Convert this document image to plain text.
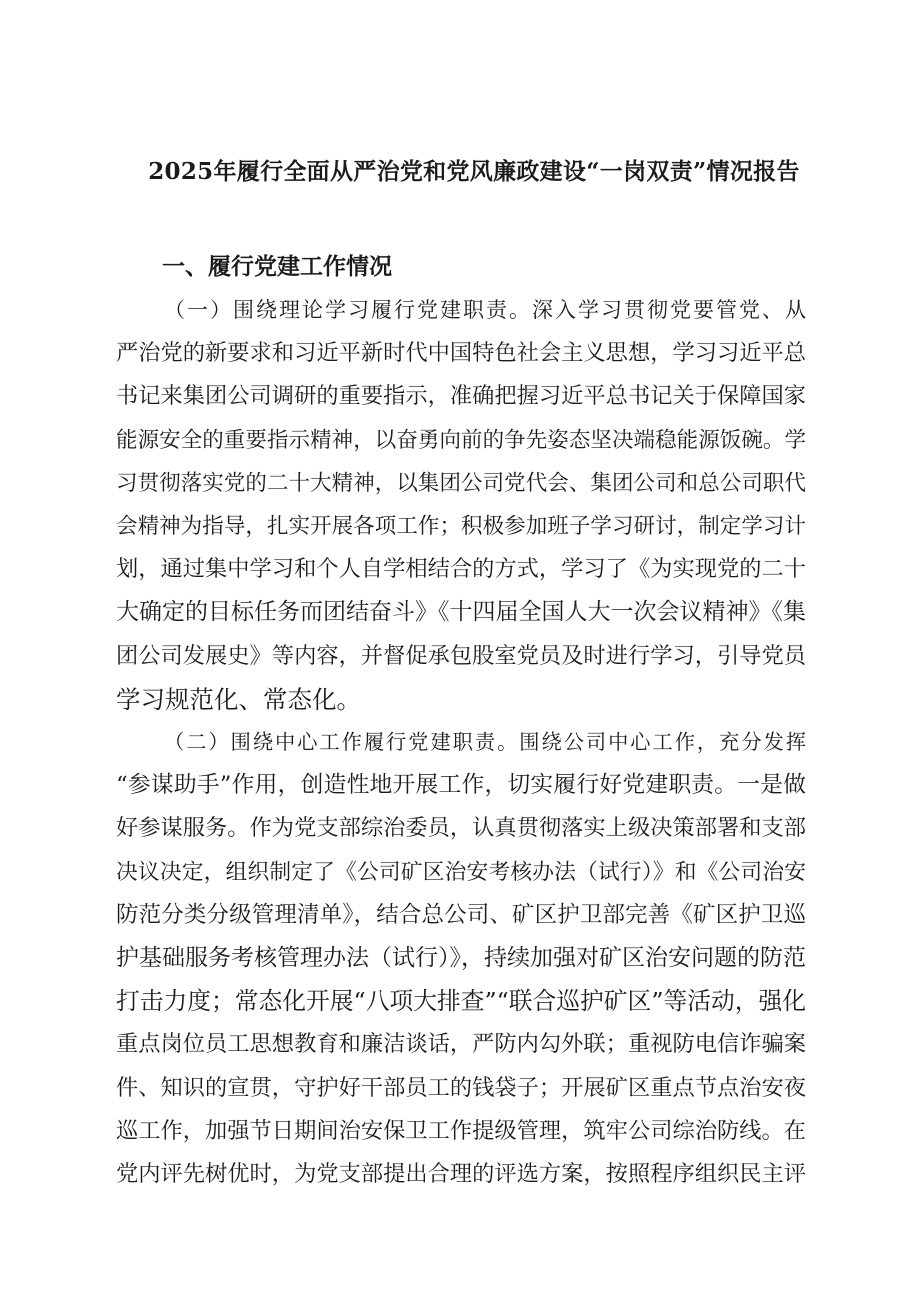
2025年履行全面从严治党和党风廉政建设“一岗双责”情况报告
一、履行党建工作情况

（一）围绕理论学习履行党建职责。深入学习贯彻党要管党、从
严治党的新要求和习近平新时代中国特色社会主义思想，学习习近平总
书记来集团公司调研的重要指示，准确把握习近平总书记关于保障国家
能源安全的重要指示精神，以奋勇向前的争先姿态坚决端稳能源饭碗。学
习贯彻落实党的二十大精神，以集团公司党代会、集团公司和总公司职代
会精神为指导，扎实开展各项工作；积极参加班子学习研讨，制定学习计
划，通过集中学习和个人自学相结合的方式，学习了《为实现党的二十
大确定的目标任务而团结奋斗》《十四届全国人大一次会议精神》《集
团公司发展史》等内容，并督促承包股室党员及时进行学习，引导党员
学习规范化、常态化。

（二）围绕中心工作履行党建职责。围绕公司中心工作，充分发挥
“参谋助手”作用，创造性地开展工作，切实履行好党建职责。一是做
好参谋服务。作为党支部综治委员，认真贯彻落实上级决策部署和支部
决议决定，组织制定了《公司矿区治安考核办法（试行）》和《公司治安
防范分类分级管理清单》，结合总公司、矿区护卫部完善《矿区护卫巡
护基础服务考核管理办法（试行）》，持续加强对矿区治安问题的防范
打击力度；常态化开展“八项大排查”“联合巡护矿区”等活动，强化
重点岗位员工思想教育和廉洁谈话，严防内勾外联；重视防电信诈骗案
件、知识的宣贯，守护好干部员工的钱袋子；开展矿区重点节点治安夜
巡工作，加强节日期间治安保卫工作提级管理，筑牢公司综治防线。在
党内评先树优时，为党支部提出合理的评选方案，按照程序组织民主评
